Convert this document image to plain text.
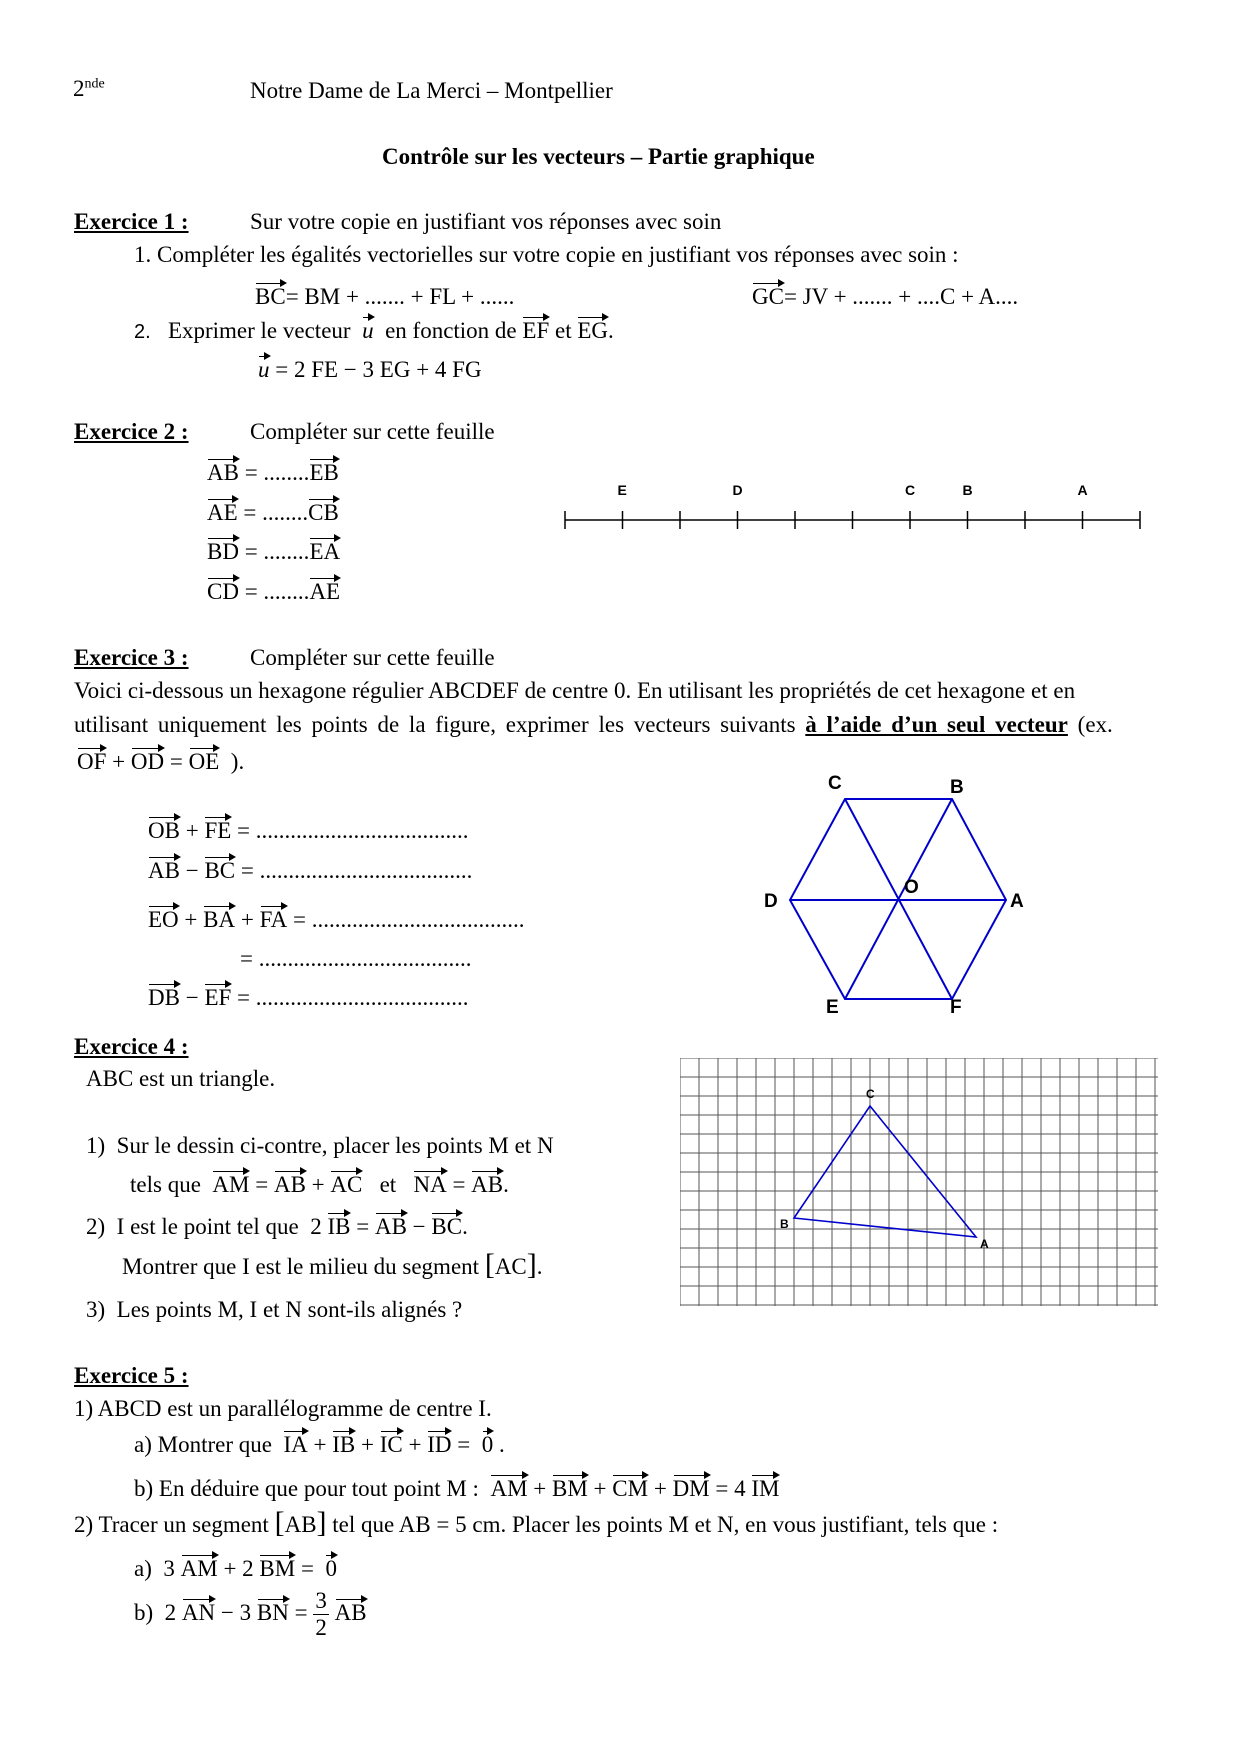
2nde	Notre Dame de La Merci – Montpellier
Contrôle sur les vecteurs – Partie graphique
Exercice 1 :	Sur votre copie en justifiant vos réponses avec soin
1. Compléter les égalités vectorielles sur votre copie en justifiant vos réponses avec soin :
BC= BM + ....... + FL + ......	GC= JV + ....... + ....C + A....
2. Exprimer le vecteur u en fonction de EF et EG.
u = 2 FE − 3 EG + 4 FG
Exercice 2 :	Compléter sur cette feuille
AB = ........EB
AE = ........CB
BD = ........EA
CD = ........AE
E	D	C	B	A
Exercice 3 :	Compléter sur cette feuille
Voici ci-dessous un hexagone régulier ABCDEF de centre 0. En utilisant les propriétés de cet hexagone et en
utilisant uniquement les points de la figure, exprimer les vecteurs suivants à l’aide d’un seul vecteur (ex.
OF + OD = OE ).
OB + FE = .....................................
AB − BC = .....................................
EO + BA + FA = .....................................
= .....................................
DB − EF = .....................................
A
B
C
D
E	F
O
Exercice 4 :
ABC est un triangle.
1) Sur le dessin ci-contre, placer les points M et N
tels que AM = AB + AC et NA = AB.
2) I est le point tel que  2 IB = AB − BC.
Montrer que I est le milieu du segment [AC].
3) Les points M, I et N sont-ils alignés ?
A
B
C
Exercice 5 :
1) ABCD est un parallélogramme de centre I.
a) Montrer que IA + IB + IC + ID =  0 .
b) En déduire que pour tout point M : AM + BM + CM + DM = 4 IM
2) Tracer un segment [AB] tel que AB = 5 cm. Placer les points M et N, en vous justifiant, tels que :
a)  3 AM + 2 BM =  0
b)  2 AN − 3 BN = $\frac{3}{2}$ AB
